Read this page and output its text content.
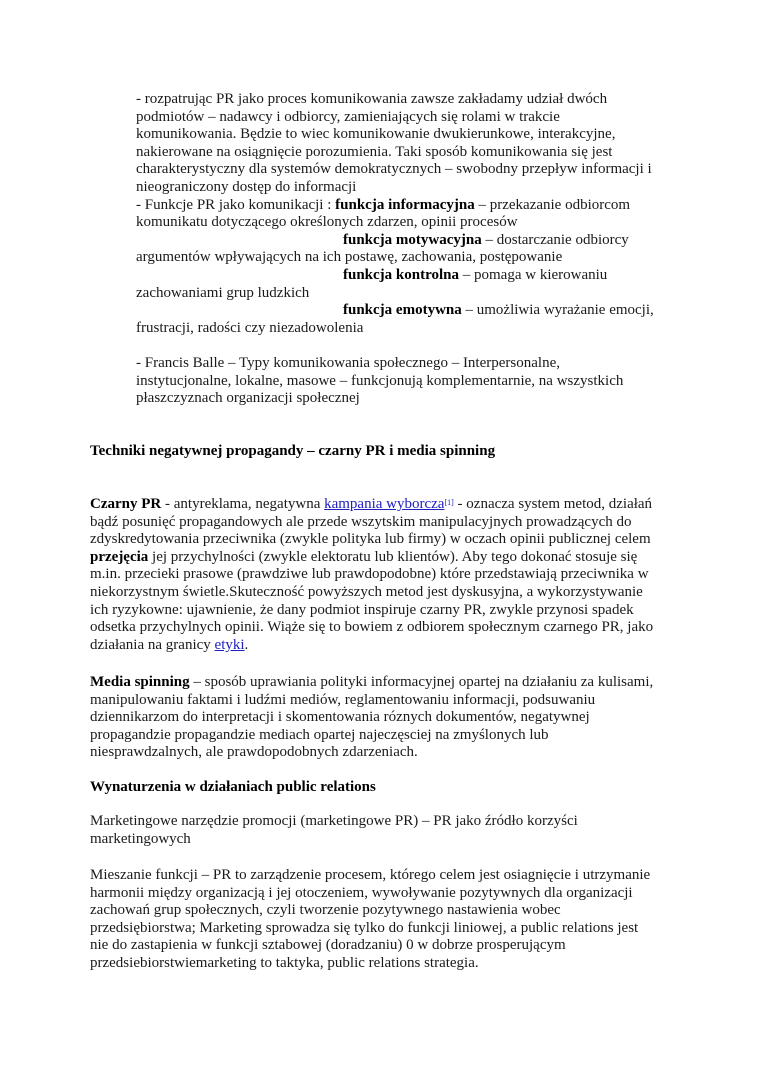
Techniki negatywnej propagandy – czarny PR i media spinning
Wynaturzenia w działaniach public relations
- rozpatrując PR jako proces komunikowania zawsze zakładamy udział dwóch
podmiotów – nadawcy i odbiorcy, zamieniających się rolami w trakcie
komunikowania. Będzie to wiec komunikowanie dwukierunkowe, interakcyjne,
nakierowane na osiągnięcie porozumienia. Taki sposób komunikowania się jest
charakterystyczny dla systemów demokratycznych – swobodny przepływ informacji i
nieograniczony dostęp do informacji
- Funkcje PR jako komunikacji : funkcja informacyjna – przekazanie odbiorcom
komunikatu dotyczącego określonych zdarzen, opinii procesów
funkcja motywacyjna – dostarczanie odbiorcy
argumentów wpływających na ich postawę, zachowania, postępowanie
funkcja kontrolna – pomaga w kierowaniu
zachowaniami grup ludzkich
funkcja emotywna – umożliwia wyrażanie emocji,
frustracji, radości czy niezadowolenia
- Francis Balle – Typy komunikowania społecznego – Interpersonalne,
instytucjonalne, lokalne, masowe – funkcjonują komplementarnie, na wszystkich
płaszczyznach organizacji społecznej
Czarny PR - antyreklama, negatywna kampania wyborcza[1] - oznacza system metod, działań
bądź posunięć propagandowych ale przede wszytskim manipulacyjnych prowadzących do
zdyskredytowania przeciwnika (zwykle polityka lub firmy) w oczach opinii publicznej celem
przejęcia jej przychylności (zwykle elektoratu lub klientów). Aby tego dokonać stosuje się
m.in. przecieki prasowe (prawdziwe lub prawdopodobne) które przedstawiają przeciwnika w
niekorzystnym świetle.Skuteczność powyższych metod jest dyskusyjna, a wykorzystywanie
ich ryzykowne: ujawnienie, że dany podmiot inspiruje czarny PR, zwykle przynosi spadek
odsetka przychylnych opinii. Wiąże się to bowiem z odbiorem społecznym czarnego PR, jako
działania na granicy etyki.
Media spinning – sposób uprawiania polityki informacyjnej opartej na działaniu za kulisami,
manipulowaniu faktami i ludźmi mediów, reglamentowaniu informacji, podsuwaniu
dziennikarzom do interpretacji i skomentowania róznych dokumentów, negatywnej
propagandzie propagandzie mediach opartej najeczęsciej na zmyślonych lub
niesprawdzalnych, ale prawdopodobnych zdarzeniach.
Marketingowe narzędzie promocji (marketingowe PR) – PR jako źródło korzyści
marketingowych
Mieszanie funkcji – PR to zarządzenie procesem, którego celem jest osiagnięcie i utrzymanie
harmonii między organizacją i jej otoczeniem, wywoływanie pozytywnych dla organizacji
zachowań grup społecznych, czyli tworzenie pozytywnego nastawienia wobec
przedsiębiorstwa; Marketing sprowadza się tylko do funkcji liniowej, a public relations jest
nie do zastapienia w funkcji sztabowej (doradzaniu) 0 w dobrze prosperującym
przedsiebiorstwiemarketing to taktyka, public relations strategia.
